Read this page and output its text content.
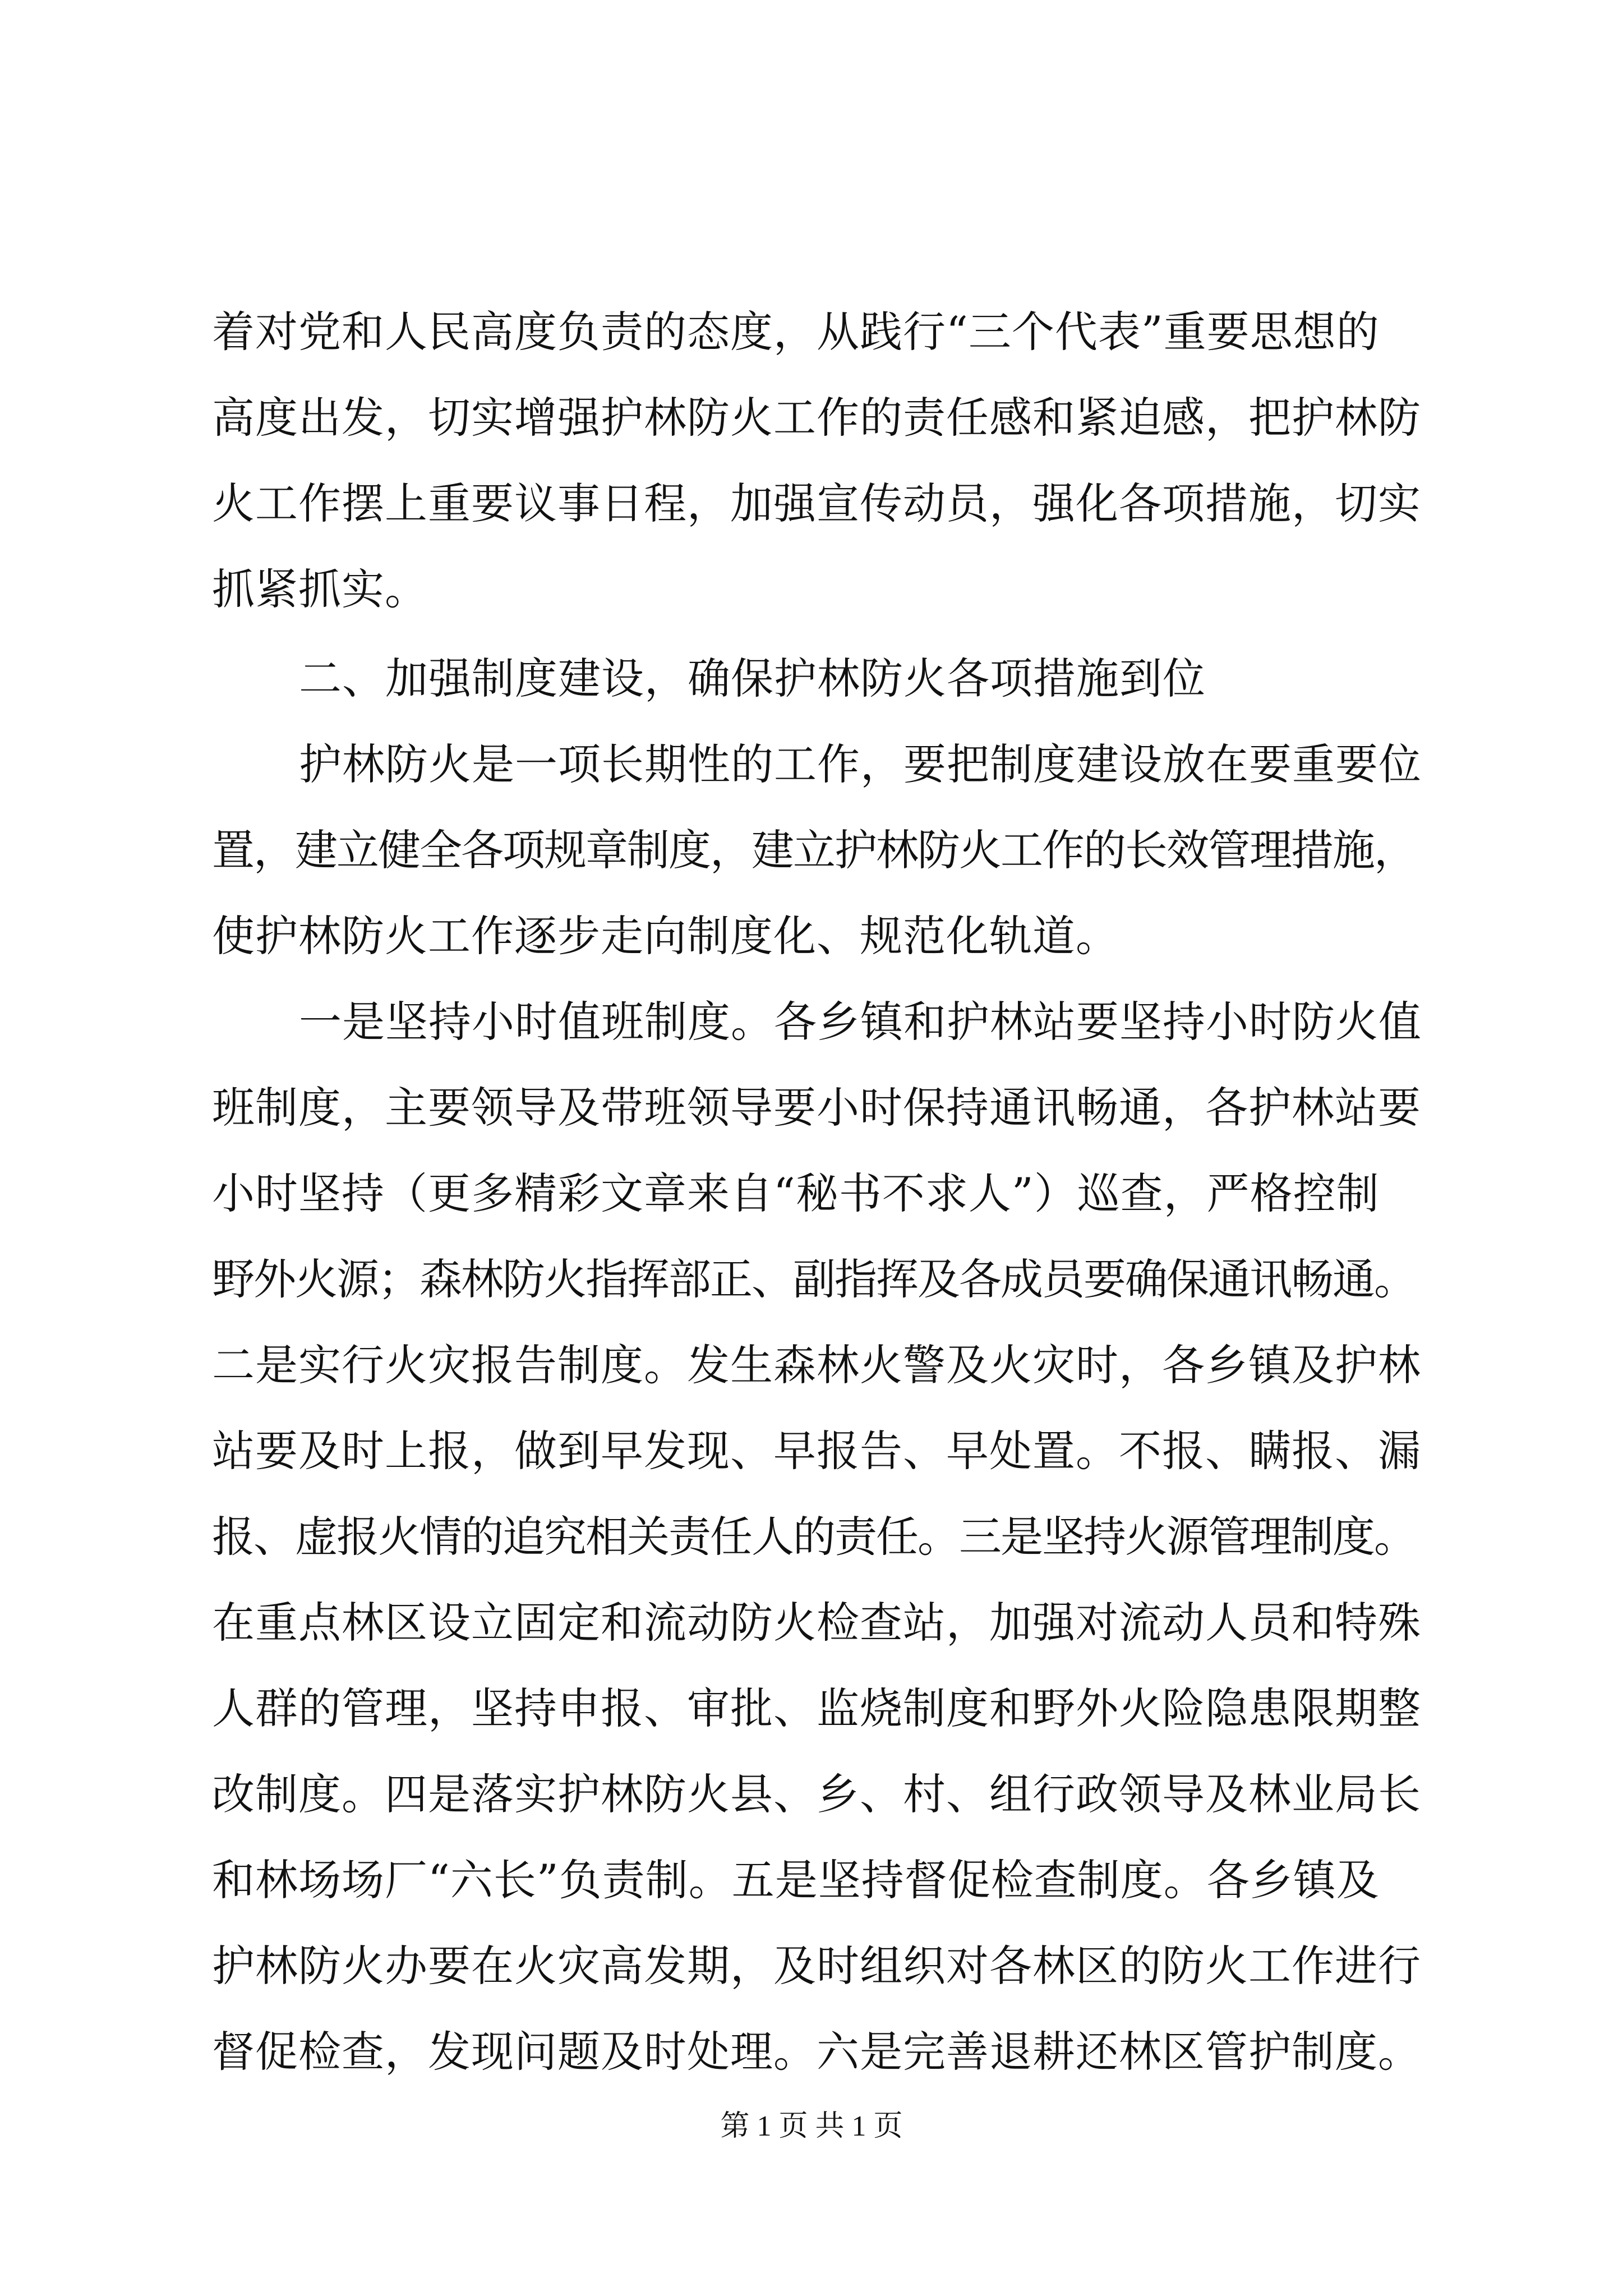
着对党和人民高度负责的态度，从践行“三个代表”重要思想的
高度出发，切实增强护林防火工作的责任感和紧迫感，把护林防
火工作摆上重要议事日程，加强宣传动员，强化各项措施，切实
抓紧抓实。
二、加强制度建设，确保护林防火各项措施到位
护林防火是一项长期性的工作，要把制度建设放在要重要位
置，建立健全各项规章制度，建立护林防火工作的长效管理措施，
使护林防火工作逐步走向制度化、规范化轨道。
一是坚持小时值班制度。各乡镇和护林站要坚持小时防火值
班制度，主要领导及带班领导要小时保持通讯畅通，各护林站要
小时坚持（更多精彩文章来自“秘书不求人”）巡查，严格控制
野外火源；森林防火指挥部正、副指挥及各成员要确保通讯畅通。
二是实行火灾报告制度。发生森林火警及火灾时，各乡镇及护林
站要及时上报，做到早发现、早报告、早处置。不报、瞒报、漏
报、虚报火情的追究相关责任人的责任。三是坚持火源管理制度。
在重点林区设立固定和流动防火检查站，加强对流动人员和特殊
人群的管理，坚持申报、审批、监烧制度和野外火险隐患限期整
改制度。四是落实护林防火县、乡、村、组行政领导及林业局长
和林场场厂“六长”负责制。五是坚持督促检查制度。各乡镇及
护林防火办要在火灾高发期，及时组织对各林区的防火工作进行
督促检查，发现问题及时处理。六是完善退耕还林区管护制度。
第 1 页 共 1 页
